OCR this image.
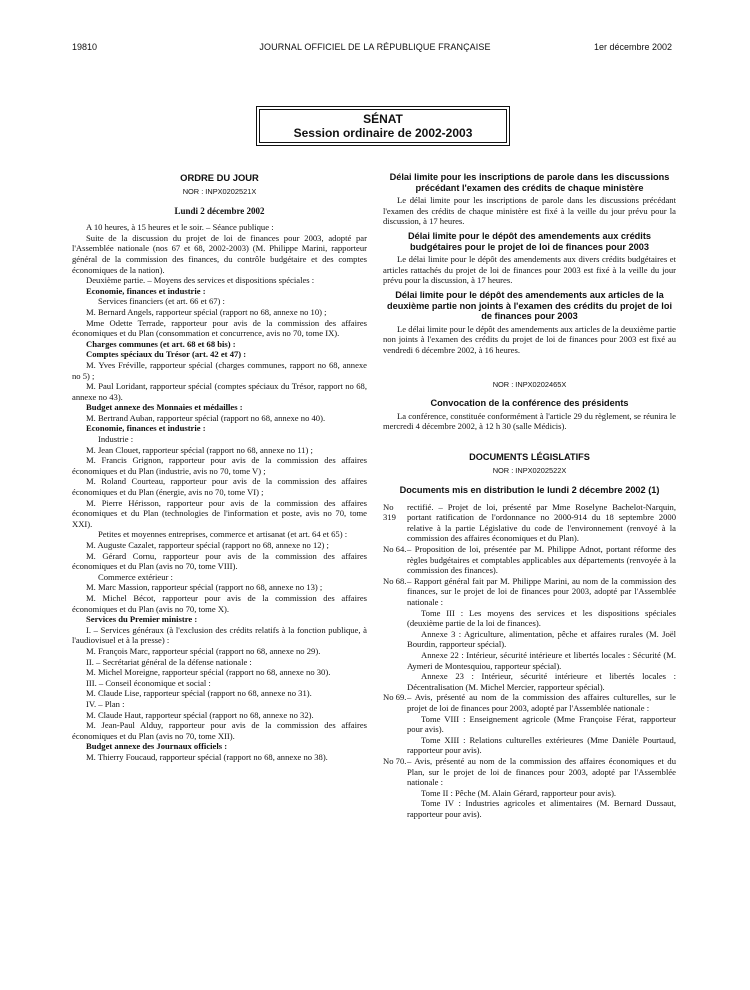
19810	JOURNAL OFFICIEL DE LA RÉPUBLIQUE FRANÇAISE	1er décembre 2002
SÉNAT
Session ordinaire de 2002-2003
ORDRE DU JOUR
NOR : INPX0202521X
Lundi 2 décembre 2002

A 10 heures, à 15 heures et le soir. – Séance publique :

Suite de la discussion du projet de loi de finances pour 2003, adopté par l'Assemblée nationale (nos 67 et 68, 2002-2003) (M. Philippe Marini, rapporteur général de la commission des finances, du contrôle budgétaire et des comptes économiques de la nation).

Deuxième partie. – Moyens des services et dispositions spéciales :

Economie, finances et industrie :

Services financiers (et art. 66 et 67) :

M. Bernard Angels, rapporteur spécial (rapport no 68, annexe no 10) ;

Mme Odette Terrade, rapporteur pour avis de la commission des affaires économiques et du Plan (consommation et concurrence, avis no 70, tome IX).

Charges communes (et art. 68 et 68 bis) :

Comptes spéciaux du Trésor (art. 42 et 47) :

M. Yves Fréville, rapporteur spécial (charges communes, rapport no 68, annexe no 5) ;

M. Paul Loridant, rapporteur spécial (comptes spéciaux du Trésor, rapport no 68, annexe no 43).

Budget annexe des Monnaies et médailles :

M. Bertrand Auban, rapporteur spécial (rapport no 68, annexe no 40).

Economie, finances et industrie :

Industrie :

M. Jean Clouet, rapporteur spécial (rapport no 68, annexe no 11) ;

M. Francis Grignon, rapporteur pour avis de la commission des affaires économiques et du Plan (industrie, avis no 70, tome V) ;

M. Roland Courteau, rapporteur pour avis de la commission des affaires économiques et du Plan (énergie, avis no 70, tome VI) ;

M. Pierre Hérisson, rapporteur pour avis de la commission des affaires économiques et du Plan (technologies de l'information et poste, avis no 70, tome XXI).

Petites et moyennes entreprises, commerce et artisanat (et art. 64 et 65) :

M. Auguste Cazalet, rapporteur spécial (rapport no 68, annexe no 12) ;

M. Gérard Cornu, rapporteur pour avis de la commission des affaires économiques et du Plan (avis no 70, tome VIII).

Commerce extérieur :

M. Marc Massion, rapporteur spécial (rapport no 68, annexe no 13) ;

M. Michel Bécot, rapporteur pour avis de la commission des affaires économiques et du Plan (avis no 70, tome X).

Services du Premier ministre :

I. – Services généraux (à l'exclusion des crédits relatifs à la fonction publique, à l'audiovisuel et à la presse) :

M. François Marc, rapporteur spécial (rapport no 68, annexe no 29).

II. – Secrétariat général de la défense nationale :

M. Michel Moreigne, rapporteur spécial (rapport no 68, annexe no 30).

III. – Conseil économique et social :

M. Claude Lise, rapporteur spécial (rapport no 68, annexe no 31).

IV. – Plan :

M. Claude Haut, rapporteur spécial (rapport no 68, annexe no 32).

M. Jean-Paul Alduy, rapporteur pour avis de la commission des affaires économiques et du Plan (avis no 70, tome XII).

Budget annexe des Journaux officiels :

M. Thierry Foucaud, rapporteur spécial (rapport no 68, annexe no 38).

Délai limite pour les inscriptions de parole dans les discussions précédant l'examen des crédits de chaque ministère

Le délai limite pour les inscriptions de parole dans les discussions précédant l'examen des crédits de chaque ministère est fixé à la veille du jour prévu pour la discussion, à 17 heures.

Délai limite pour le dépôt des amendements aux crédits budgétaires pour le projet de loi de finances pour 2003

Le délai limite pour le dépôt des amendements aux divers crédits budgétaires et articles rattachés du projet de loi de finances pour 2003 est fixé à la veille du jour prévu pour la discussion, à 17 heures.

Délai limite pour le dépôt des amendements aux articles de la deuxième partie non joints à l'examen des crédits du projet de loi de finances pour 2003

Le délai limite pour le dépôt des amendements aux articles de la deuxième partie non joints à l'examen des crédits du projet de loi de finances pour 2003 est fixé au vendredi 6 décembre 2002, à 16 heures.

NOR : INPX0202465X
Convocation de la conférence des présidents

La conférence, constituée conformément à l'article 29 du règlement, se réunira le mercredi 4 décembre 2002, à 12 h 30 (salle Médicis).

DOCUMENTS LÉGISLATIFS
NOR : INPX0202522X
Documents mis en distribution le lundi 2 décembre 2002 (1)
No 319
rectifié. – Projet de loi, présenté par Mme Roselyne Bachelot-Narquin, portant ratification de l'ordonnance no 2000-914 du 18 septembre 2000 relative à la partie Législative du code de l'environnement (renvoyé à la commission des affaires économiques et du Plan).
No 64. – Proposition de loi, présentée par M. Philippe Adnot, portant réforme des règles budgétaires et comptables applicables aux départements (renvoyée à la commission des finances).
No 68. – Rapport général fait par M. Philippe Marini, au nom de la commission des finances, sur le projet de loi de finances pour 2003, adopté par l'Assemblée nationale :

Tome III : Les moyens des services et les dispositions spéciales (deuxième partie de la loi de finances).

Annexe 3 : Agriculture, alimentation, pêche et affaires rurales (M. Joël Bourdin, rapporteur spécial).

Annexe 22 : Intérieur, sécurité intérieure et libertés locales : Sécurité (M. Aymeri de Montesquiou, rapporteur spécial).

Annexe 23 : Intérieur, sécurité intérieure et libertés locales : Décentralisation (M. Michel Mercier, rapporteur spécial).

No 69. – Avis, présenté au nom de la commission des affaires culturelles, sur le projet de loi de finances pour 2003, adopté par l'Assemblée nationale :

Tome VIII : Enseignement agricole (Mme Françoise Férat, rapporteur pour avis).

Tome XIII : Relations culturelles extérieures (Mme Danièle Pourtaud, rapporteur pour avis).

No 70. – Avis, présenté au nom de la commission des affaires économiques et du Plan, sur le projet de loi de finances pour 2003, adopté par l'Assemblée nationale :

Tome II : Pêche (M. Alain Gérard, rapporteur pour avis).

Tome IV : Industries agricoles et alimentaires (M. Bernard Dussaut, rapporteur pour avis).
